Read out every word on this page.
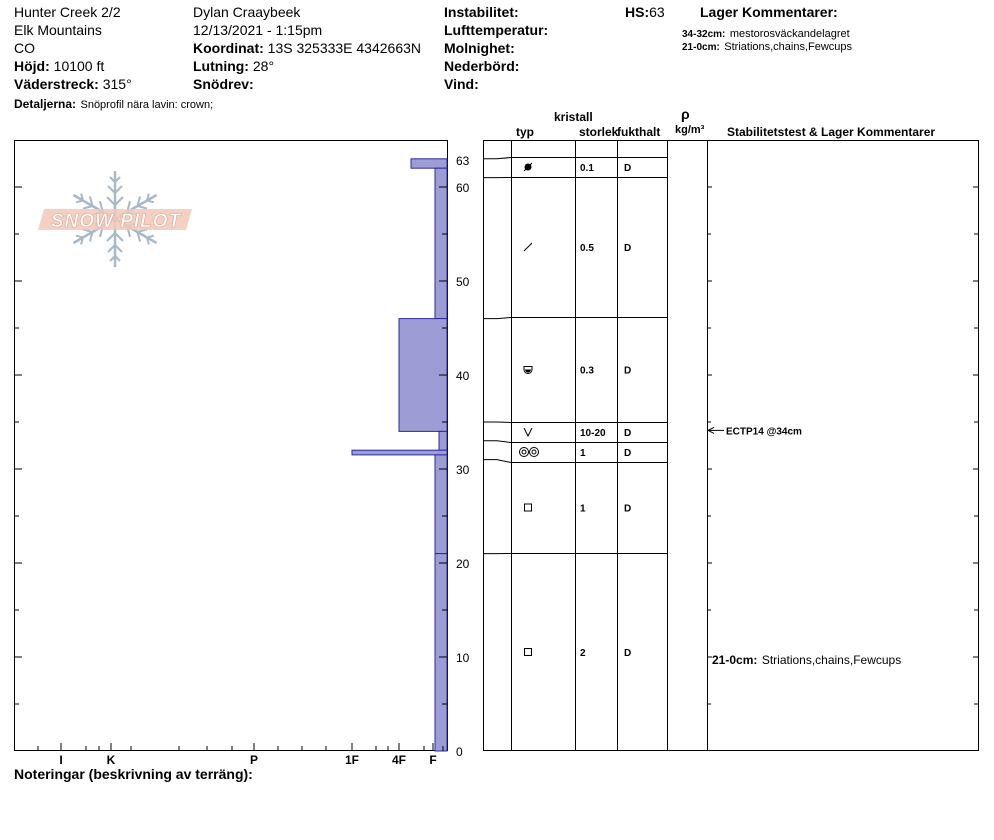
Hunter Creek 2/2
Elk Mountains
CO
Höjd: 10100 ft
Väderstreck: 315°
Detaljerna: Snöprofil nära lavin: crown;
Dylan Craaybeek
12/13/2021 - 1:15pm
Koordinat: 13S 325333E 4342663N
Lutning: 28°
Snödrev:
Instabilitet:
Lufttemperatur:
Molnighet:
Nederbörd:
Vind:
HS:63	Lager Kommentarer:
34-32cm: mestorosväckandelagret
21-0cm: Striations,chains,Fewcups
kristall
typ	storlek
fukthalt
ρ
kg/m³ Stabilitetstest & Lager Kommentarer
SNOW PILOT
0
10
20
30
40
50
60
63
I	K	P	1F	4F F
0.1	D
0.5	D
0.3	D
10-20 D
1	D
1	D
2	D
ECTP14 @34cm
21-0cm: Striations,chains,Fewcups
Noteringar (beskrivning av terräng):
